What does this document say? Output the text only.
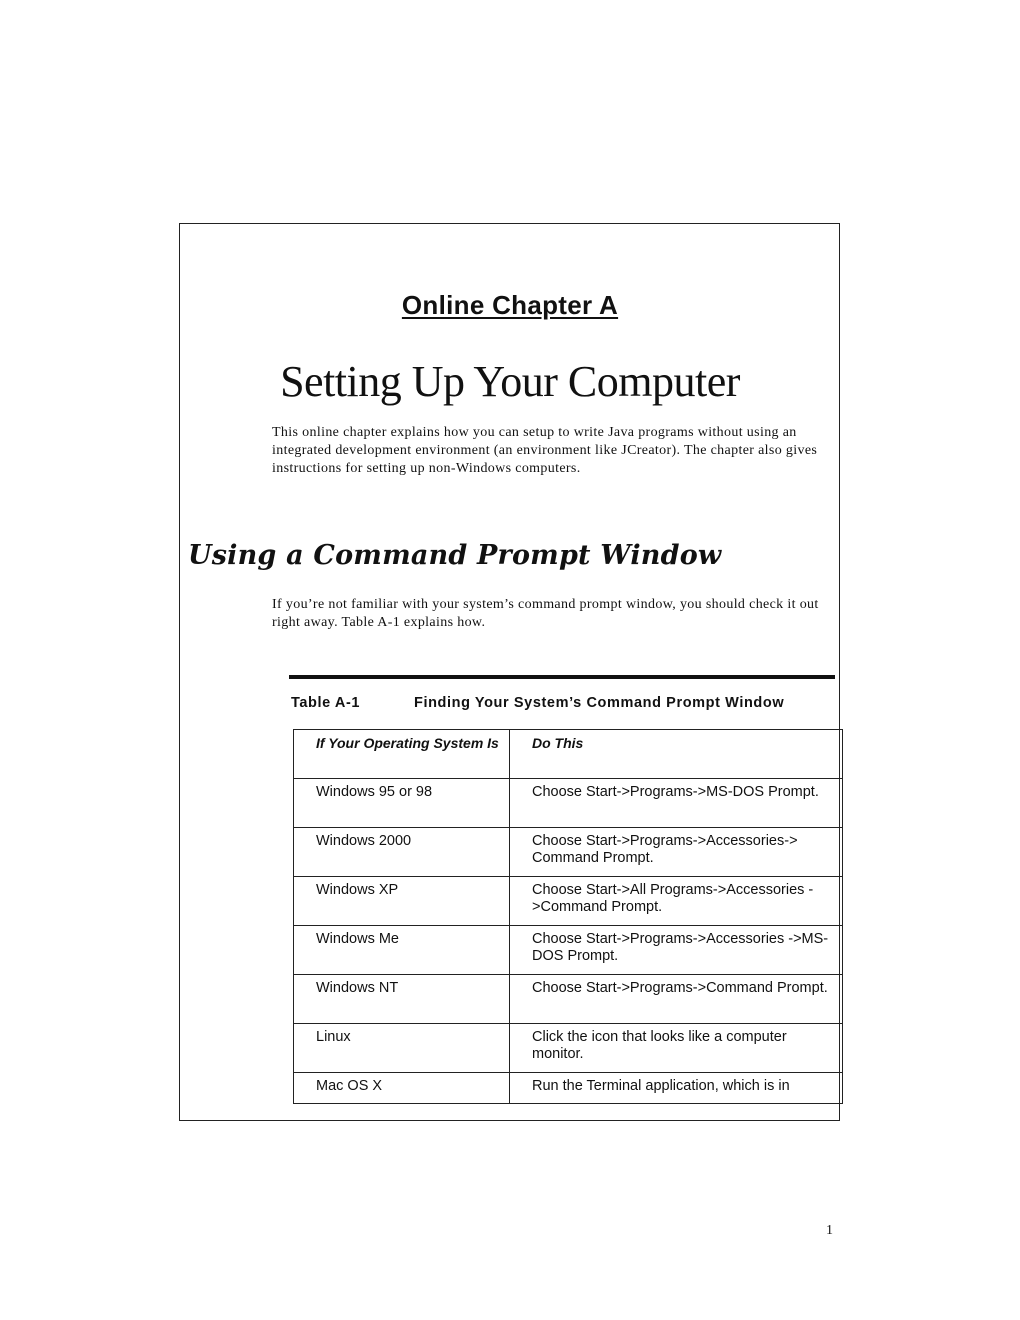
Online Chapter A
Setting Up Your Computer

This online chapter explains how you can setup to write Java programs without using an integrated development environment (an environment like JCreator). The chapter also gives instructions for setting up non-Windows computers.

Using a Command Prompt Window

If you’re not familiar with your system’s command prompt window, you should check it out right away. Table A-1 explains how.

Table A-1	Finding Your System’s Command Prompt Window
If Your Operating System Is	Do This
Windows 95 or 98	Choose Start->Programs->MS-DOS Prompt.
Windows 2000	Choose Start->Programs->Accessories-> Command Prompt.
Windows XP	Choose Start->All Programs->Accessories ->Command Prompt.
Windows Me	Choose Start->Programs->Accessories ->MS-DOS Prompt.
Windows NT	Choose Start->Programs->Command Prompt.
Linux	Click the icon that looks like a computer monitor.
Mac OS X	Run the Terminal application, which is in
1
